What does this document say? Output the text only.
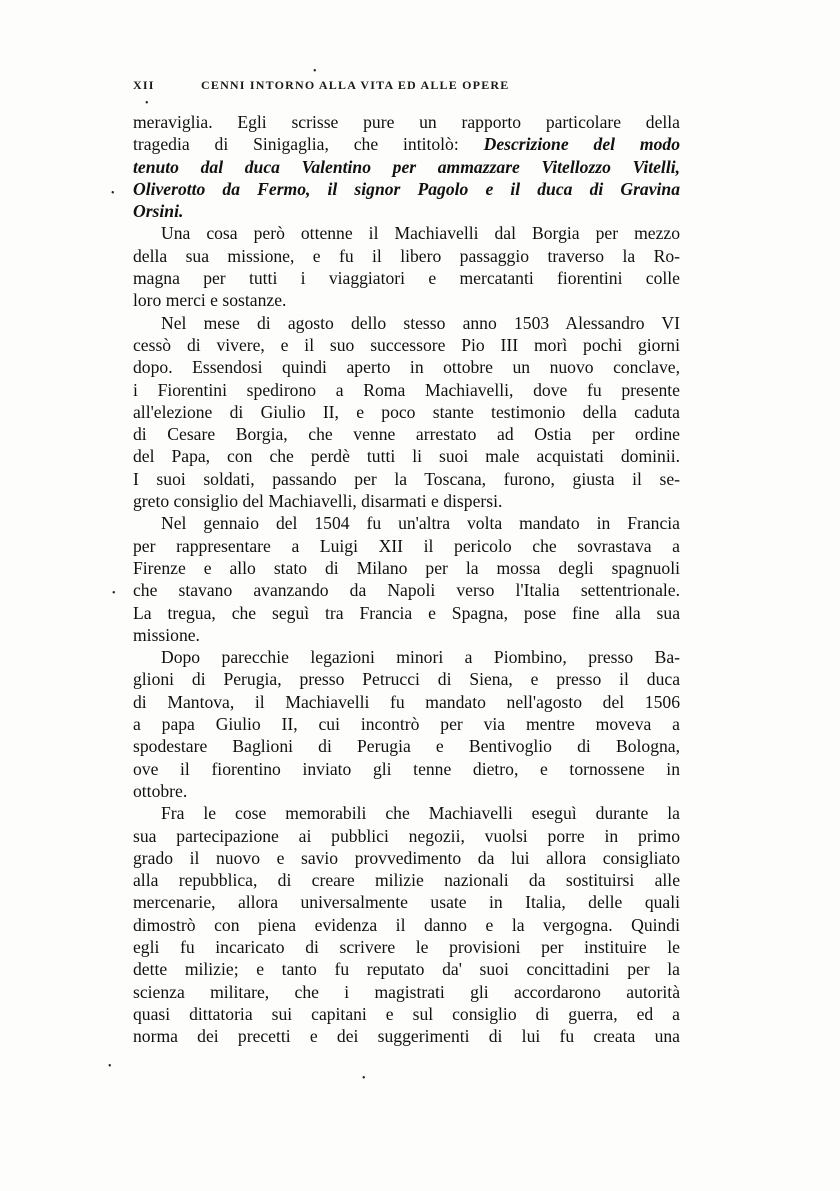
XII	CENNI INTORNO ALLA VITA ED ALLE OPERE
meraviglia. Egli scrisse pure un rapporto particolare della
tragedia di Sinigaglia, che intitolò: Descrizione del modo
tenuto dal duca Valentino per ammazzare Vitellozzo Vitelli,
Oliverotto da Fermo, il signor Pagolo e il duca di Gravina
Orsini.
Una cosa però ottenne il Machiavelli dal Borgia per mezzo
della sua missione, e fu il libero passaggio traverso la Ro-
magna per tutti i viaggiatori e mercatanti fiorentini colle
loro merci e sostanze.
Nel mese di agosto dello stesso anno 1503 Alessandro VI
cessò di vivere, e il suo successore Pio III morì pochi giorni
dopo. Essendosi quindi aperto in ottobre un nuovo conclave,
i Fiorentini spedirono a Roma Machiavelli, dove fu presente
all'elezione di Giulio II, e poco stante testimonio della caduta
di Cesare Borgia, che venne arrestato ad Ostia per ordine
del Papa, con che perdè tutti li suoi male acquistati dominii.
I suoi soldati, passando per la Toscana, furono, giusta il se-
greto consiglio del Machiavelli, disarmati e dispersi.
Nel gennaio del 1504 fu un'altra volta mandato in Francia
per rappresentare a Luigi XII il pericolo che sovrastava a
Firenze e allo stato di Milano per la mossa degli spagnuoli
che stavano avanzando da Napoli verso l'Italia settentrionale.
La tregua, che seguì tra Francia e Spagna, pose fine alla sua
missione.
Dopo parecchie legazioni minori a Piombino, presso Ba-
glioni di Perugia, presso Petrucci di Siena, e presso il duca
di Mantova, il Machiavelli fu mandato nell'agosto del 1506
a papa Giulio II, cui incontrò per via mentre moveva a
spodestare Baglioni di Perugia e Bentivoglio di Bologna,
ove il fiorentino inviato gli tenne dietro, e tornossene in
ottobre.
Fra le cose memorabili che Machiavelli eseguì durante la
sua partecipazione ai pubblici negozii, vuolsi porre in primo
grado il nuovo e savio provvedimento da lui allora consigliato
alla repubblica, di creare milizie nazionali da sostituirsi alle
mercenarie, allora universalmente usate in Italia, delle quali
dimostrò con piena evidenza il danno e la vergogna. Quindi
egli fu incaricato di scrivere le provisioni per instituire le
dette milizie; e tanto fu reputato da' suoi concittadini per la
scienza militare, che i magistrati gli accordarono autorità
quasi dittatoria sui capitani e sul consiglio di guerra, ed a
norma dei precetti e dei suggerimenti di lui fu creata una
•
•
•
•
•
•
